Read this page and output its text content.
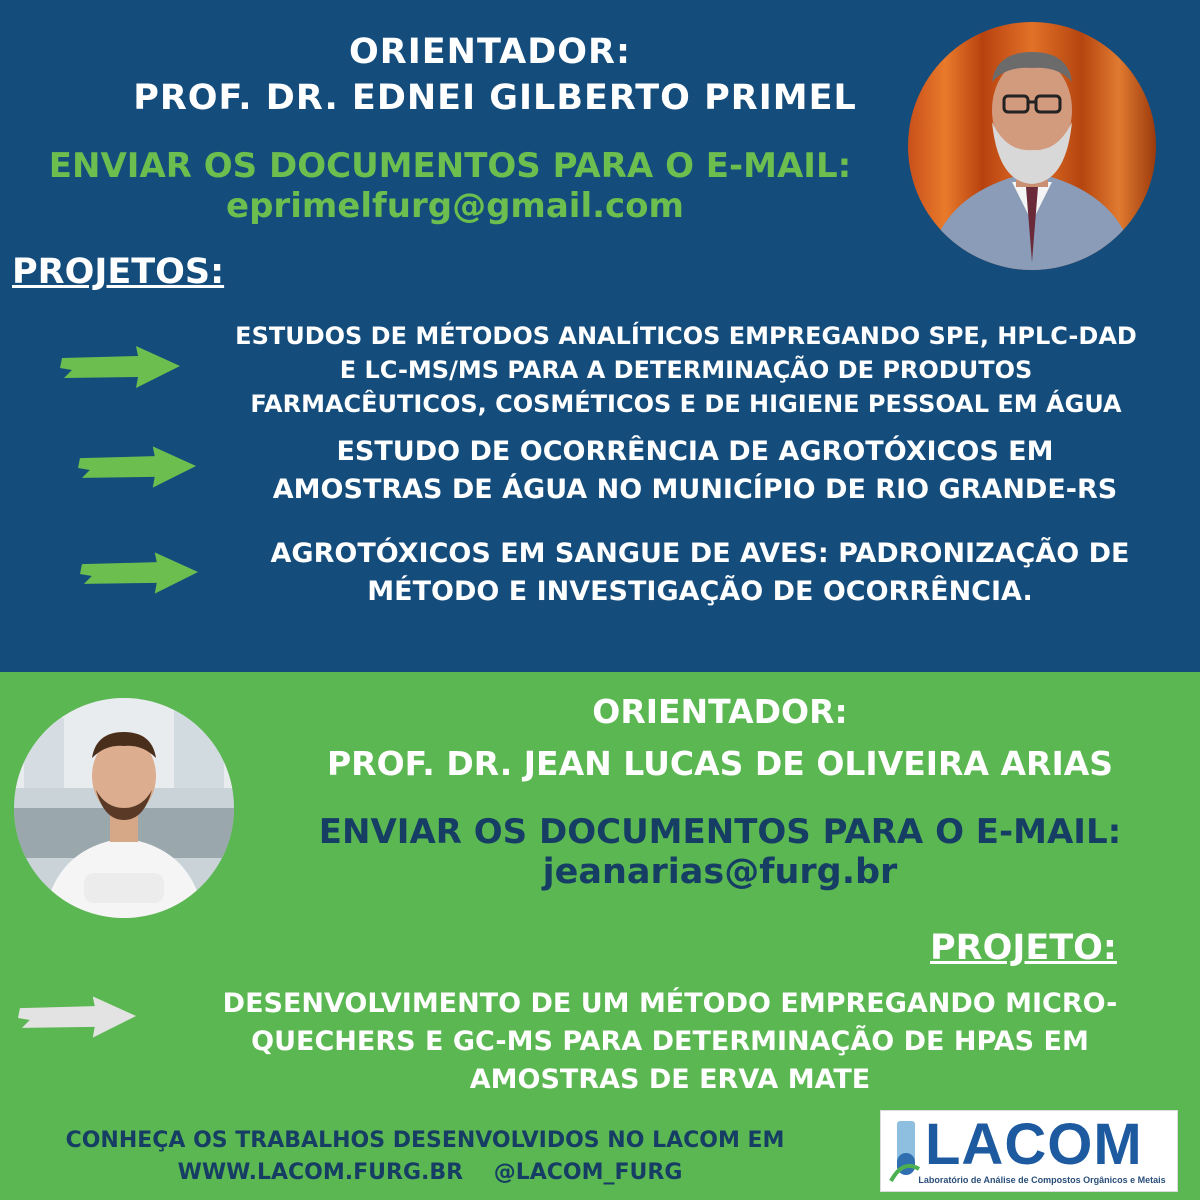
ORIENTADOR:
PROF. DR. EDNEI GILBERTO PRIMEL
ENVIAR OS DOCUMENTOS PARA O E-MAIL:
eprimelfurg@gmail.com
PROJETOS:
ESTUDOS DE MÉTODOS ANALÍTICOS EMPREGANDO SPE, HPLC-DAD
E LC-MS/MS PARA A DETERMINAÇÃO DE PRODUTOS
FARMACÊUTICOS, COSMÉTICOS E DE HIGIENE PESSOAL EM ÁGUA
ESTUDO DE OCORRÊNCIA DE AGROTÓXICOS EM
AMOSTRAS DE ÁGUA NO MUNICÍPIO DE RIO GRANDE-RS
AGROTÓXICOS EM SANGUE DE AVES: PADRONIZAÇÃO DE
MÉTODO E INVESTIGAÇÃO DE OCORRÊNCIA.
ORIENTADOR:
PROF. DR. JEAN LUCAS DE OLIVEIRA ARIAS
ENVIAR OS DOCUMENTOS PARA O E-MAIL:
jeanarias@furg.br
PROJETO:
DESENVOLVIMENTO DE UM MÉTODO EMPREGANDO MICRO-
QUECHERS E GC-MS PARA DETERMINAÇÃO DE HPAS EM
AMOSTRAS DE ERVA MATE
CONHEÇA OS TRABALHOS DESENVOLVIDOS NO LACOM EM
WWW.LACOM.FURG.BR    @LACOM_FURG	LACOM
Laboratório de Análise de Compostos Orgânicos e Metais
